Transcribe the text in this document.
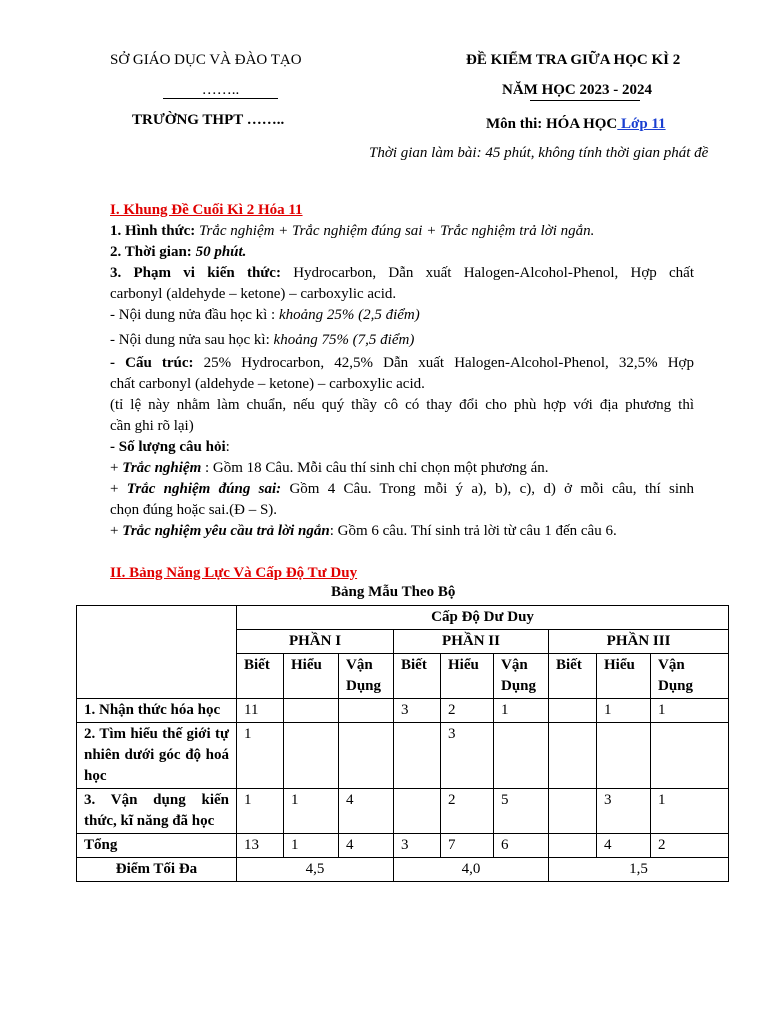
SỞ GIÁO DỤC VÀ ĐÀO TẠO
……..
TRƯỜNG THPT ……..
ĐỀ KIỂM TRA GIỮA HỌC KÌ 2
NĂM HỌC 2023 - 2024
Môn thi: HÓA HỌC Lớp 11
Thời gian làm bài: 45 phút, không tính thời gian phát đề
I. Khung Đề Cuối Kì 2 Hóa 11
1. Hình thức: Trắc nghiệm + Trắc nghiệm đúng sai + Trắc nghiệm trả lời ngắn.
2. Thời gian: 50 phút.
3. Phạm vi kiến thức: Hydrocarbon, Dẫn xuất Halogen-Alcohol-Phenol, Hợp chất
carbonyl (aldehyde – ketone) – carboxylic acid.
- Nội dung nửa đầu học kì : khoảng 25% (2,5 điểm)
- Nội dung nửa sau học kì: khoảng 75% (7,5 điểm)
- Cấu trúc: 25% Hydrocarbon, 42,5% Dẫn xuất Halogen-Alcohol-Phenol, 32,5% Hợp
chất carbonyl (aldehyde – ketone) – carboxylic acid.
(tỉ lệ này nhằm làm chuẩn, nếu quý thầy cô có thay đổi cho phù hợp với địa phương thì
cần ghi rõ lại)
- Số lượng câu hỏi:
+ Trắc nghiệm : Gồm 18 Câu. Mỗi câu thí sinh chỉ chọn một phương án.
+ Trắc nghiệm đúng sai: Gồm 4 Câu. Trong mỗi ý a), b), c), d) ở mỗi câu, thí sinh
chọn đúng hoặc sai.(Đ – S).
+ Trắc nghiệm yêu cầu trả lời ngắn: Gồm 6 câu. Thí sinh trả lời từ câu 1 đến câu 6.
II. Bảng Năng Lực Và Cấp Độ Tư Duy
Bảng Mẫu Theo Bộ
	Cấp Độ Dư Duy								
	PHẦN I			PHẦN II			PHẦN III		
	Biết	Hiểu	Vận Dụng	Biết	Hiểu	Vận Dụng	Biết	Hiểu	Vận Dụng
1. Nhận thức hóa học	11			3	2	1		1	1
2. Tìm hiểu thế giới tự nhiên dưới góc độ hoá học	1				3				
3. Vận dụng kiến thức, kĩ năng đã học	1	1	4		2	5		3	1
Tổng	13	1	4	3	7	6		4	2
Điểm Tối Đa	4,5			4,0			1,5		
